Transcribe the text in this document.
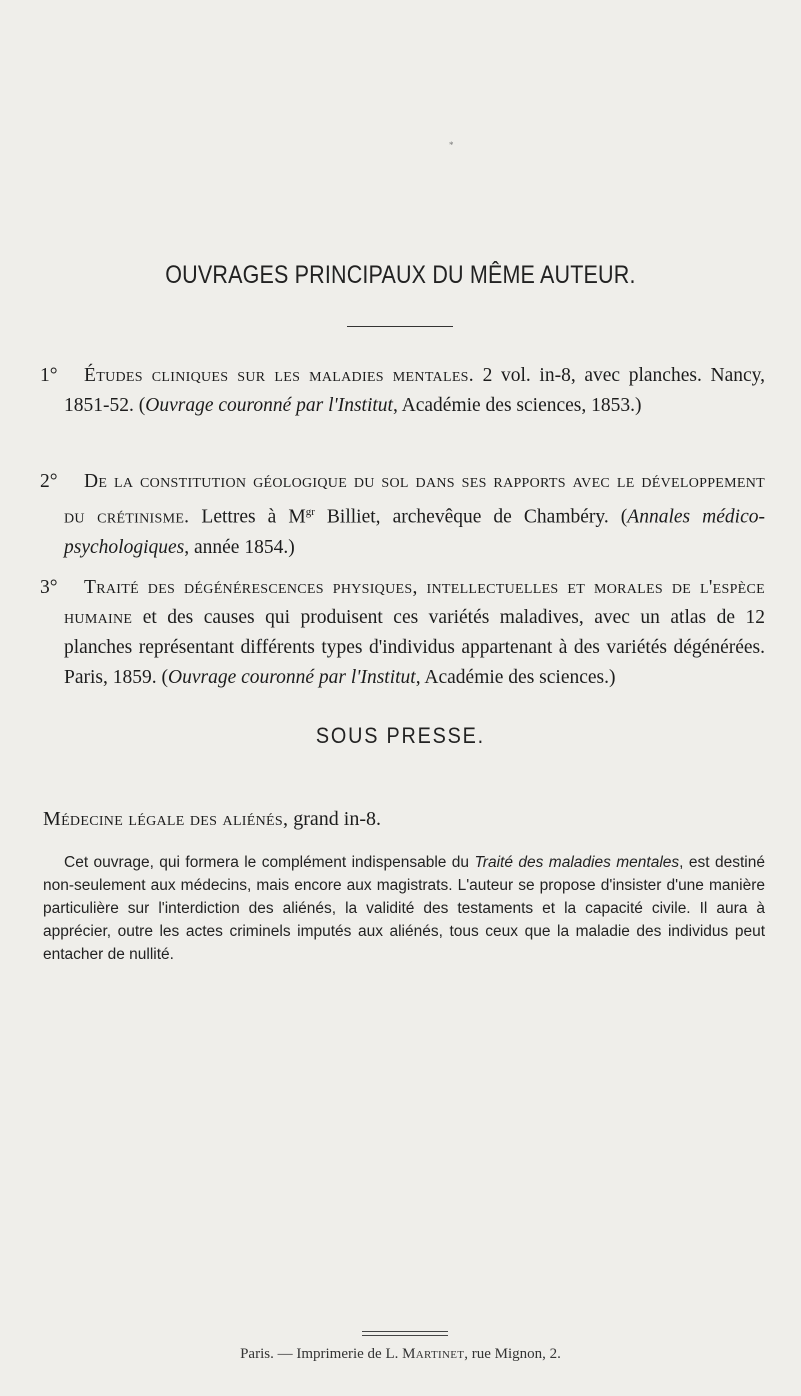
*
OUVRAGES PRINCIPAUX DU MÊME AUTEUR.
1°	Études cliniques sur les maladies mentales. 2 vol. in-8, avec planches. Nancy, 1851-52. (Ouvrage couronné par l'Institut, Académie des sciences, 1853.)
2°	De la constitution géologique du sol dans ses rapports avec le développement du crétinisme. Lettres à $M^{gr}$ Billiet, archevêque de Chambéry. (Annales médico-psychologiques, année 1854.)
3°	Traité des dégénérescences physiques, intellectuelles et morales de l'espèce humaine et des causes qui produisent ces variétés maladives, avec un atlas de 12 planches représentant différents types d'individus appartenant à des variétés dégénérées. Paris, 1859. (Ouvrage couronné par l'Institut, Académie des sciences.)
SOUS PRESSE.
Médecine légale des aliénés, grand in-8.
Cet ouvrage, qui formera le complément indispensable du Traité des maladies mentales, est destiné non-seulement aux médecins, mais encore aux magistrats. L'auteur se propose d'insister d'une manière particulière sur l'interdiction des aliénés, la validité des testaments et la capacité civile. Il aura à apprécier, outre les actes criminels imputés aux aliénés, tous ceux que la maladie des individus peut entacher de nullité.
Paris. — Imprimerie de L. Martinet, rue Mignon, 2.
